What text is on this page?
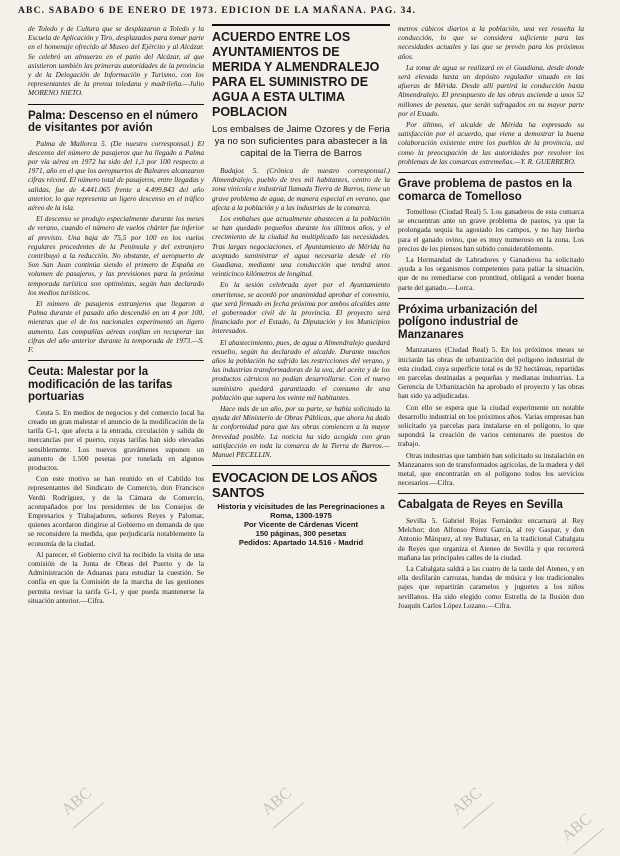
ABC. SABADO 6 DE ENERO DE 1973. EDICION DE LA MAÑANA. PAG. 34.

de Toledo y de Cultura que se desplazaron a Toledo y la Escuela de Aplicación y Tiro, desplazados para tomar parte en el homenaje ofrecido al Museo del Ejército y al Alcázar. Se celebró un almuerzo en el patio del Alcázar, al que asistieron también las primeras autoridades de la provincia y de la Delegación de Información y Turismo, con los representantes de la prensa toledana y madrileña.—Julio MORENO NIETO.

Palma: Descenso en el número de visitantes por avión

Palma de Mallorca 5. (De nuestro corresponsal.) El descenso del número de pasajeros que ha llegado a Palma por vía aérea en 1972 ha sido del 1,3 por 100 respecto a 1971, año en el que los aeropuertos de Baleares alcanzaron cifras récord. El número total de pasajeros, entre llegadas y salidas, fue de 4.441.065 frente a 4.499.843 del año anterior, lo que representa un ligero descenso en el tráfico aéreo de la isla.

El descenso se produjo especialmente durante los meses de verano, cuando el número de vuelos chárter fue inferior al previsto. Una baja de 75,5 por 100 en los vuelos regulares procedentes de la Península y del extranjero contribuyó a la reducción. No obstante, el aeropuerto de Son San Juan continúa siendo el primero de España en volumen de pasajeros, y las previsiones para la próxima temporada turística son optimistas, según han declarado los medios turísticos.

El número de pasajeros extranjeros que llegaron a Palma durante el pasado año descendió en un 4 por 100, mientras que el de los nacionales experimentó un ligero aumento. Las compañías aéreas confían en recuperar las cifras del año anterior durante la temporada de 1973.—S. F.

Ceuta: Malestar por la modificación de las tarifas portuarias

Ceuta 5. En medios de negocios y del comercio local ha creado un gran malestar el anuncio de la modificación de la tarifa G-1, que afecta a la entrada, circulación y salida de mercancías por el puerto, cuyas tarifas han sido elevadas sensiblemente. Los nuevos gravámenes suponen un aumento de 1.500 pesetas por tonelada en algunos productos.

Con este motivo se han reunido en el Cabildo los representantes del Sindicato de Comercio, don Francisco Verdú Rodríguez, y de la Cámara de Comercio, acompañados por los presidentes de los Consejos de Empresarios y Trabajadores, señores Reyes y Palomar, quienes acordaron dirigirse al Gobierno en demanda de que se reconsidere la medida, que perjudicaría notablemente la economía de la ciudad.

Al parecer, el Gobierno civil ha recibido la visita de una comisión de la Junta de Obras del Puerto y de la Administración de Aduanas para estudiar la cuestión. Se confía en que la Comisión de la marcha de las gestiones permita revisar la tarifa G-1, y que pueda mantenerse la situación anterior.—Cifra.

ACUERDO ENTRE LOS AYUNTAMIENTOS DE MERIDA Y ALMENDRALEJO PARA EL SUMINISTRO DE AGUA A ESTA ULTIMA POBLACION
Los embalses de Jaime Ozores y de Feria ya no son suficientes para abastecer a la capital de la Tierra de Barros

Badajoz 5. (Crónica de nuestro corresponsal.) Almendralejo, pueblo de tres mil habitantes, centro de la zona vinícola e industrial llamada Tierra de Barros, tiene un grave problema de agua, de manera especial en verano, que afecta a la población y a las industrias de la comarca.

Los embalses que actualmente abastecen a la población se han quedado pequeños durante los últimos años, y el crecimiento de la ciudad ha multiplicado las necesidades. Tras largas negociaciones, el Ayuntamiento de Mérida ha aceptado suministrar el agua necesaria desde el río Guadiana, mediante una conducción que tendrá unos veinticinco kilómetros de longitud.

En la sesión celebrada ayer por el Ayuntamiento emeritense, se acordó por unanimidad aprobar el convenio, que será firmado en fecha próxima por ambos alcaldes ante el gobernador civil de la provincia. El proyecto será financiado por el Estado, la Diputación y los Municipios interesados.

El abastecimiento, pues, de agua a Almendralejo quedará resuelto, según ha declarado el alcalde. Durante muchos años la población ha sufrido las restricciones del verano, y las industrias transformadoras de la uva, del aceite y de los productos cárnicos no podían desarrollarse. Con el nuevo suministro quedará garantizado el consumo de una población que supera los veinte mil habitantes.

Hace más de un año, por su parte, se había solicitado la ayuda del Ministerio de Obras Públicas, que ahora ha dado la conformidad para que las obras comiencen a la mayor brevedad posible. La noticia ha sido acogida con gran satisfacción en toda la comarca de la Tierra de Barros.—Manuel PECELLIN.

EVOCACION DE LOS AÑOS SANTOS
Historia y vicisitudes de las Peregrinaciones a Roma, 1300-1975
Por Vicente de Cárdenas Vicent
150 páginas, 300 pesetas
Pedidos: Apartado 14.516 - Madrid

metros cúbicos diarios a la población, una vez resuelta la conducción, lo que se considera suficiente para las necesidades actuales y las que se prevén para los próximos años.

La toma de agua se realizará en el Guadiana, desde donde será elevada hasta un depósito regulador situado en las afueras de Mérida. Desde allí partirá la conducción hasta Almendralejo. El presupuesto de las obras asciende a unos 52 millones de pesetas, que serán sufragados en su mayor parte por el Estado.

Por último, el alcalde de Mérida ha expresado su satisfacción por el acuerdo, que viene a demostrar la buena colaboración existente entre los pueblos de la provincia, así como la preocupación de las autoridades por resolver los problemas de las comarcas extremeñas.—Y. R. GUERRERO.

Grave problema de pastos en la comarca de Tomelloso

Tomelloso (Ciudad Real) 5. Los ganaderos de esta comarca se encuentran ante un grave problema de pastos, ya que la prolongada sequía ha agostado los campos, y no hay hierba para el ganado ovino, que es muy numeroso en la zona. Los precios de los piensos han subido considerablemente.

La Hermandad de Labradores y Ganaderos ha solicitado ayuda a los organismos competentes para paliar la situación, que de no remediarse con prontitud, obligará a vender buena parte del ganado.—Lorca.

Próxima urbanización del polígono industrial de Manzanares

Manzanares (Ciudad Real) 5. En los próximos meses se iniciarán las obras de urbanización del polígono industrial de esta ciudad, cuya superficie total es de 92 hectáreas, repartidas en parcelas destinadas a pequeñas y medianas industrias. La Gerencia de Urbanización ha aprobado el proyecto y las obras han sido ya adjudicadas.

Con ello se espera que la ciudad experimente un notable desarrollo industrial en los próximos años. Varias empresas han solicitado ya parcelas para instalarse en el polígono, lo que supondrá la creación de varios centenares de puestos de trabajo.

Otras industrias que también han solicitado su instalación en Manzanares son de transformados agrícolas, de la madera y del metal, que encontrarán en el polígono todos los servicios necesarios.—Cifra.

Cabalgata de Reyes en Sevilla

Sevilla 5. Gabriel Rojas Fernández encarnará al Rey Melchor; don Alfonso Pérez García, al rey Gaspar, y don Antonio Márquez, al rey Baltasar, en la tradicional Cabalgata de Reyes que organiza el Ateneo de Sevilla y que recorrerá mañana las principales calles de la ciudad.

La Cabalgata saldrá a las cuatro de la tarde del Ateneo, y en ella desfilarán carrozas, bandas de música y los tradicionales pajes que repartirán caramelos y juguetes a los niños sevillanos. Ha sido elegido como Estrella de la Ilusión don Joaquín Carlos López Lozano.—Cifra.

ABC	ABC	ABC
ABC
